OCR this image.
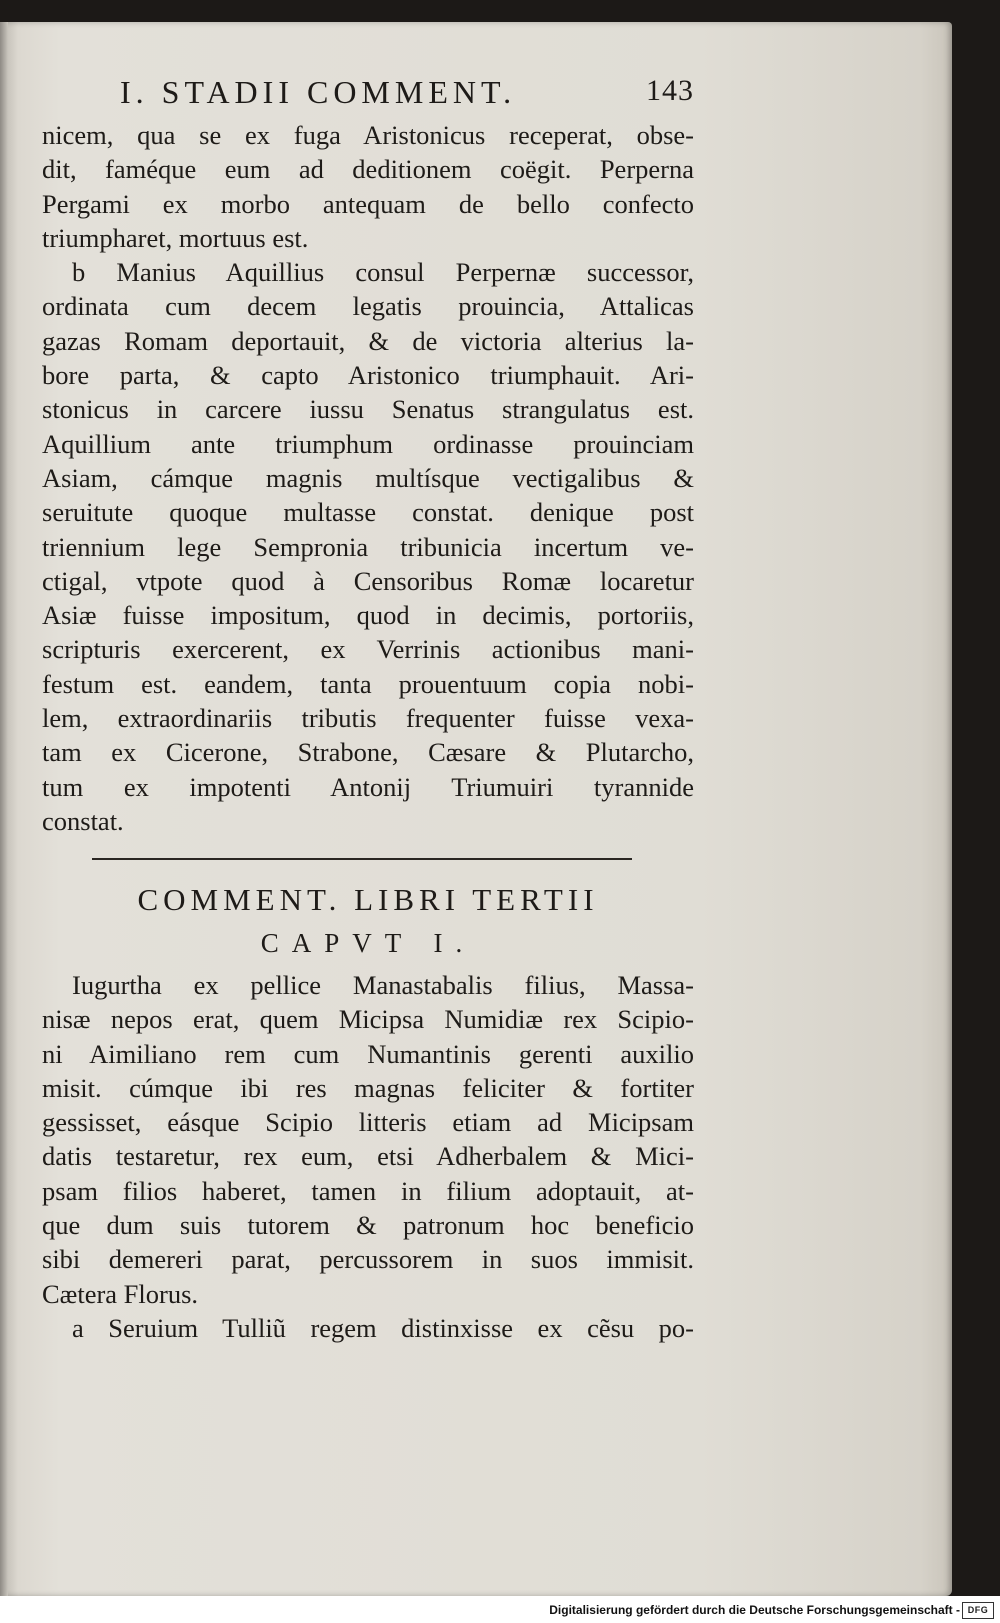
I. STADII COMMENT.	143
nicem, qua se ex fuga Aristonicus receperat, obse-
dit, faméque eum ad deditionem coëgit. Perperna
Pergami ex morbo antequam de bello confecto
triumpharet, mortuus est.
b Manius Aquillius consul Perpernæ successor,
ordinata cum decem legatis prouincia, Attalicas
gazas Romam deportauit, & de victoria alterius la-
bore parta, & capto Aristonico triumphauit. Ari-
stonicus in carcere iussu Senatus strangulatus est.
Aquillium ante triumphum ordinasse prouinciam
Asiam, cámque magnis multísque vectigalibus &
seruitute quoque multasse constat. denique post
triennium lege Sempronia tribunicia incertum ve-
ctigal, vtpote quod à Censoribus Romæ locaretur
Asiæ fuisse impositum, quod in decimis, portoriis,
scripturis exercerent, ex Verrinis actionibus mani-
festum est. eandem, tanta prouentuum copia nobi-
lem, extraordinariis tributis frequenter fuisse vexa-
tam ex Cicerone, Strabone, Cæsare & Plutarcho,
tum ex impotenti Antonij Triumuiri tyrannide
constat.
COMMENT. LIBRI TERTII
CAPVT I.
Iugurtha ex pellice Manastabalis filius, Massa-
nisæ nepos erat, quem Micipsa Numidiæ rex Scipio-
ni Aimiliano rem cum Numantinis gerenti auxilio
misit. cúmque ibi res magnas feliciter & fortiter
gessisset, eásque Scipio litteris etiam ad Micipsam
datis testaretur, rex eum, etsi Adherbalem & Mici-
psam filios haberet, tamen in filium adoptauit, at-
que dum suis tutorem & patronum hoc beneficio
sibi demereri parat, percussorem in suos immisit.
Cætera Florus.
a Seruium Tulliũ regem distinxisse ex cẽsu po-
Digitalisierung gefördert durch die Deutsche Forschungsgemeinschaft - DFG
